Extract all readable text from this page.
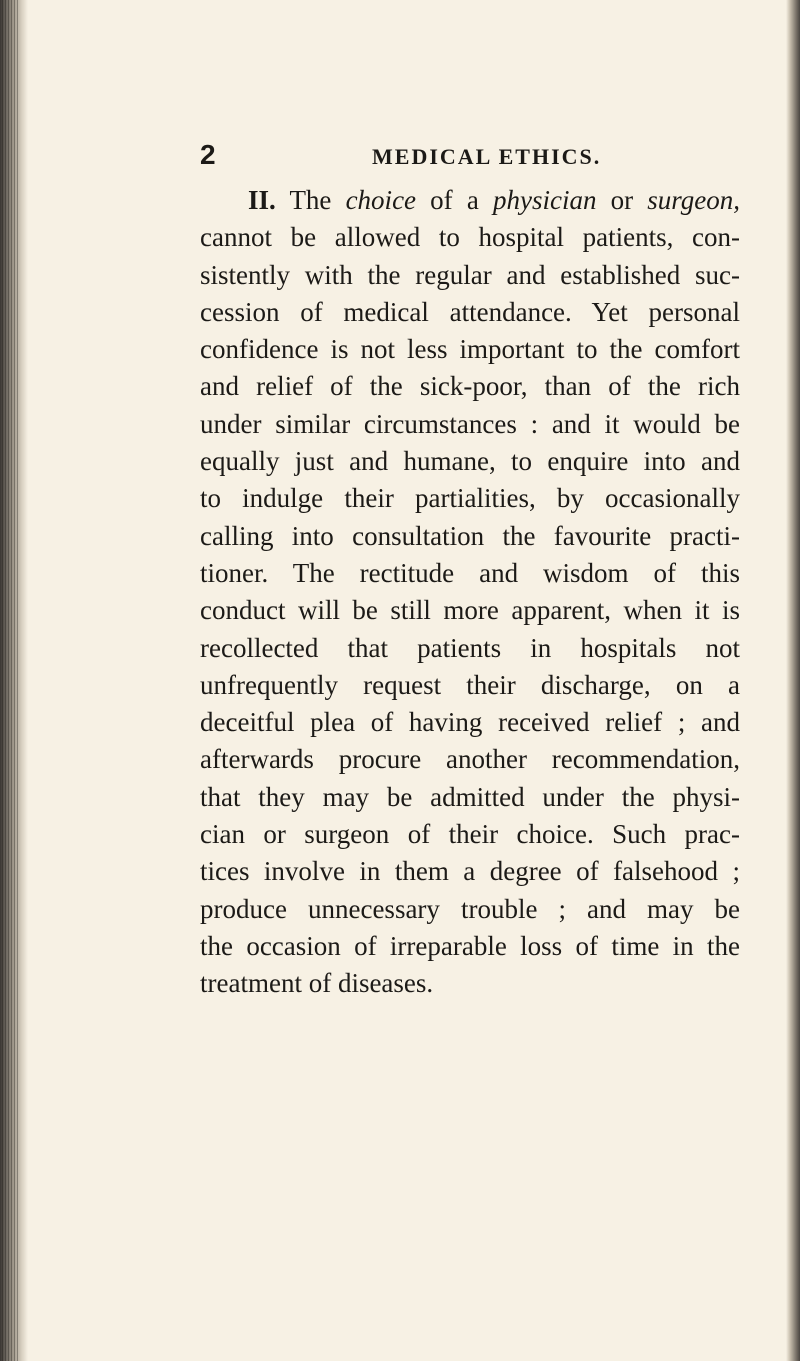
2	MEDICAL ETHICS.
II. The choice of a physician or surgeon,
cannot be allowed to hospital patients, con-
sistently with the regular and established suc-
cession of medical attendance. Yet personal
confidence is not less important to the comfort
and relief of the sick-poor, than of the rich
under similar circumstances : and it would be
equally just and humane, to enquire into and
to indulge their partialities, by occasionally
calling into consultation the favourite practi-
tioner. The rectitude and wisdom of this
conduct will be still more apparent, when it is
recollected that patients in hospitals not
unfrequently request their discharge, on a
deceitful plea of having received relief ; and
afterwards procure another recommendation,
that they may be admitted under the physi-
cian or surgeon of their choice. Such prac-
tices involve in them a degree of falsehood ;
produce unnecessary trouble ; and may be
the occasion of irreparable loss of time in the
treatment of diseases.
